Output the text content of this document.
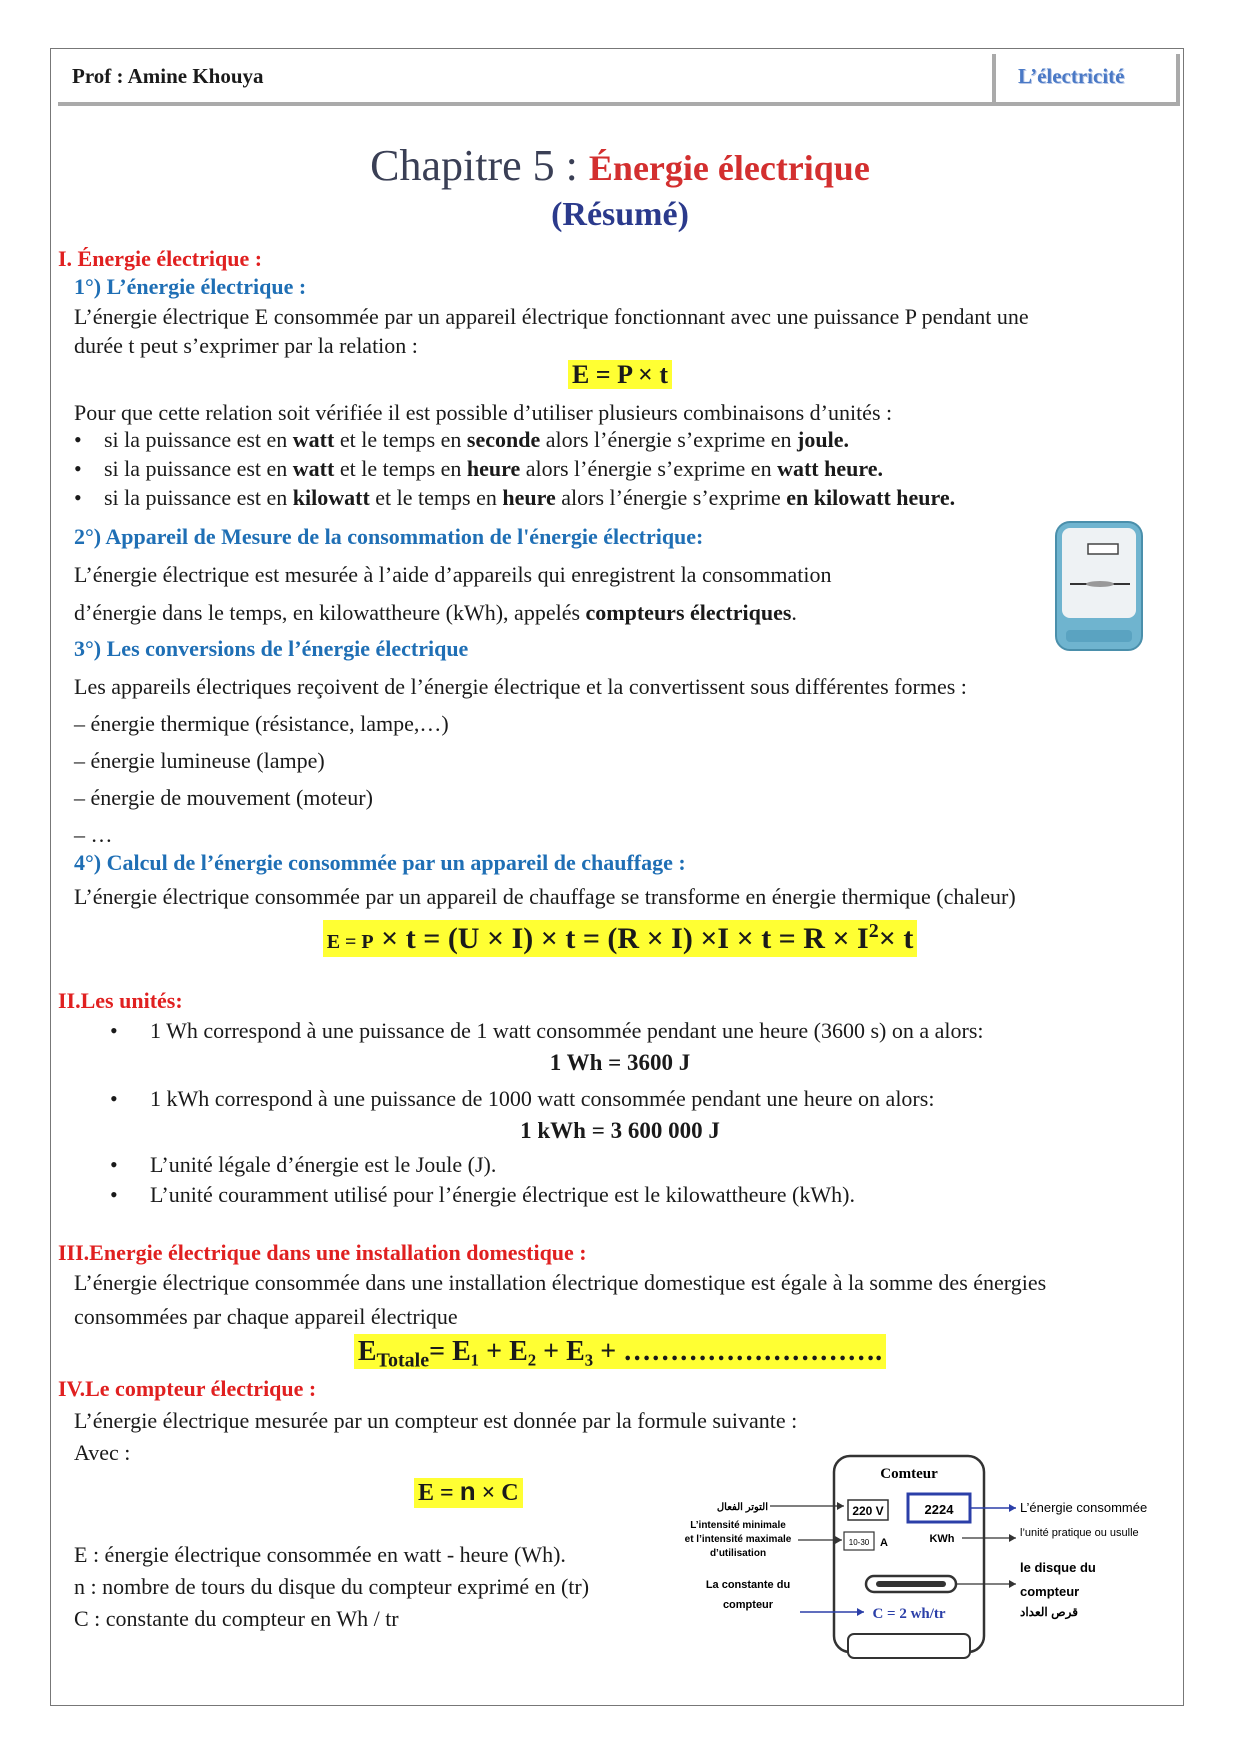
Prof : Amine Khouya	L’électricité
Chapitre 5 : Énergie électrique
(Résumé)
I. Énergie électrique :
1°) L’énergie électrique :
L’énergie électrique E consommée par un appareil électrique fonctionnant avec une puissance P pendant une
durée t peut s’exprimer par la relation :
E = P × t
Pour que cette relation soit vérifiée il est possible d’utiliser plusieurs combinaisons d’unités :
• si la puissance est en watt et le temps en seconde alors l’énergie s’exprime en joule.
• si la puissance est en watt et le temps en heure alors l’énergie s’exprime en watt heure.
• si la puissance est en kilowatt et le temps en heure alors l’énergie s’exprime en kilowatt heure.
2°) Appareil de Mesure de la consommation de l'énergie électrique:
L’énergie électrique est mesurée à l’aide d’appareils qui enregistrent la consommation
d’énergie dans le temps, en kilowattheure (kWh), appelés compteurs électriques.
3°) Les conversions de l’énergie électrique
Les appareils électriques reçoivent de l’énergie électrique et la convertissent sous différentes formes :
– énergie thermique (résistance, lampe,…)
– énergie lumineuse (lampe)
– énergie de mouvement (moteur)
– …
4°) Calcul de l’énergie consommée par un appareil de chauffage :
L’énergie électrique consommée par un appareil de chauffage se transforme en énergie thermique (chaleur)
$E = P \times t = (U \times I) \times t = (R \times I) \times I \times t = R \times I^2\times t$
II.Les unités:
• 1 Wh correspond à une puissance de 1 watt consommée pendant une heure (3600 s) on a alors:
1 Wh = 3600 J
• 1 kWh correspond à une puissance de 1000 watt consommée pendant une heure on alors:
1 kWh = 3 600 000 J
• L’unité légale d’énergie est le Joule (J).
• L’unité couramment utilisé pour l’énergie électrique est le kilowattheure (kWh).
III.Energie électrique dans une installation domestique :
L’énergie électrique consommée dans une installation électrique domestique est égale à la somme des énergies
consommées par chaque appareil électrique
$E_{Totale}= E_1 + E_2 + E_3$ + ……………………….
IV.Le compteur électrique :
L’énergie électrique mesurée par un compteur est donnée par la formule suivante :
Avec :
E = n × C
E : énergie électrique consommée en watt - heure (Wh).
n : nombre de tours du disque du compteur exprimé en (tr)
C : constante du compteur en Wh / tr
Comteur
220 V	2224
KWh
10-30 A
C = 2 wh/tr
التوتر الفعال
L’intensité minimale
et l’intensité maximale
d’utilisation
La constante du
compteur
L’énergie consommée
l’unité pratique ou usulle
le disque du
compteur
قرص العداد
